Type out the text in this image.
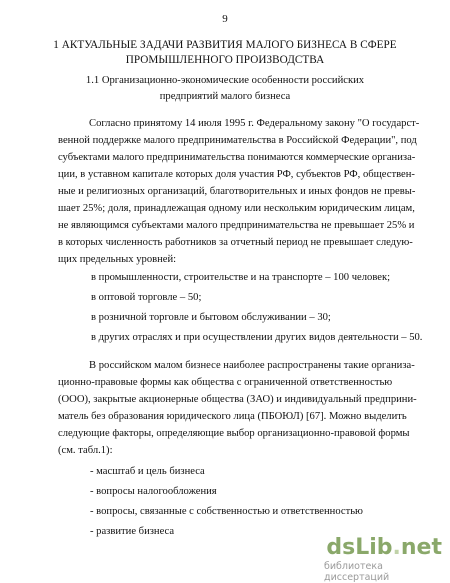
9
1 АКТУАЛЬНЫЕ ЗАДАЧИ РАЗВИТИЯ МАЛОГО БИЗНЕСА В СФЕРЕ
ПРОМЫШЛЕННОГО ПРОИЗВОДСТВА
1.1 Организационно-экономические особенности российских
предприятий малого бизнеса
Согласно принятому 14 июля 1995 г. Федеральному закону "О государст-
венной поддержке малого предпринимательства в Российской Федерации", под
субъектами малого предпринимательства понимаются коммерческие организа-
ции, в уставном капитале которых доля участия РФ, субъектов РФ, обществен-
ные и религиозных организаций, благотворительных и иных фондов не превы-
шает 25%; доля, принадлежащая одному или нескольким юридическим лицам,
не являющимся субъектами малого предпринимательства не превышает 25% и
в которых численность работников за отчетный период не превышает следую-
щих предельных уровней:
в промышленности, строительстве и на транспорте – 100 человек;
в оптовой торговле – 50;
в розничной торговле и бытовом обслуживании – 30;
в других отраслях и при осуществлении других видов деятельности – 50.
В российском малом бизнесе наиболее распространены такие организа-
ционно-правовые формы как общества с ограниченной ответственностью
(ООО), закрытые акционерные общества (ЗАО) и индивидуальный предприни-
матель без образования юридического лица (ПБОЮЛ) [67]. Можно выделить
следующие факторы, определяющие выбор организационно-правовой формы
(см. табл.1):
- масштаб и цель бизнеса
- вопросы налогообложения
- вопросы, связанные с собственностью и ответственностью
- развитие бизнеса
dsLib.net
библиотека диссертаций
